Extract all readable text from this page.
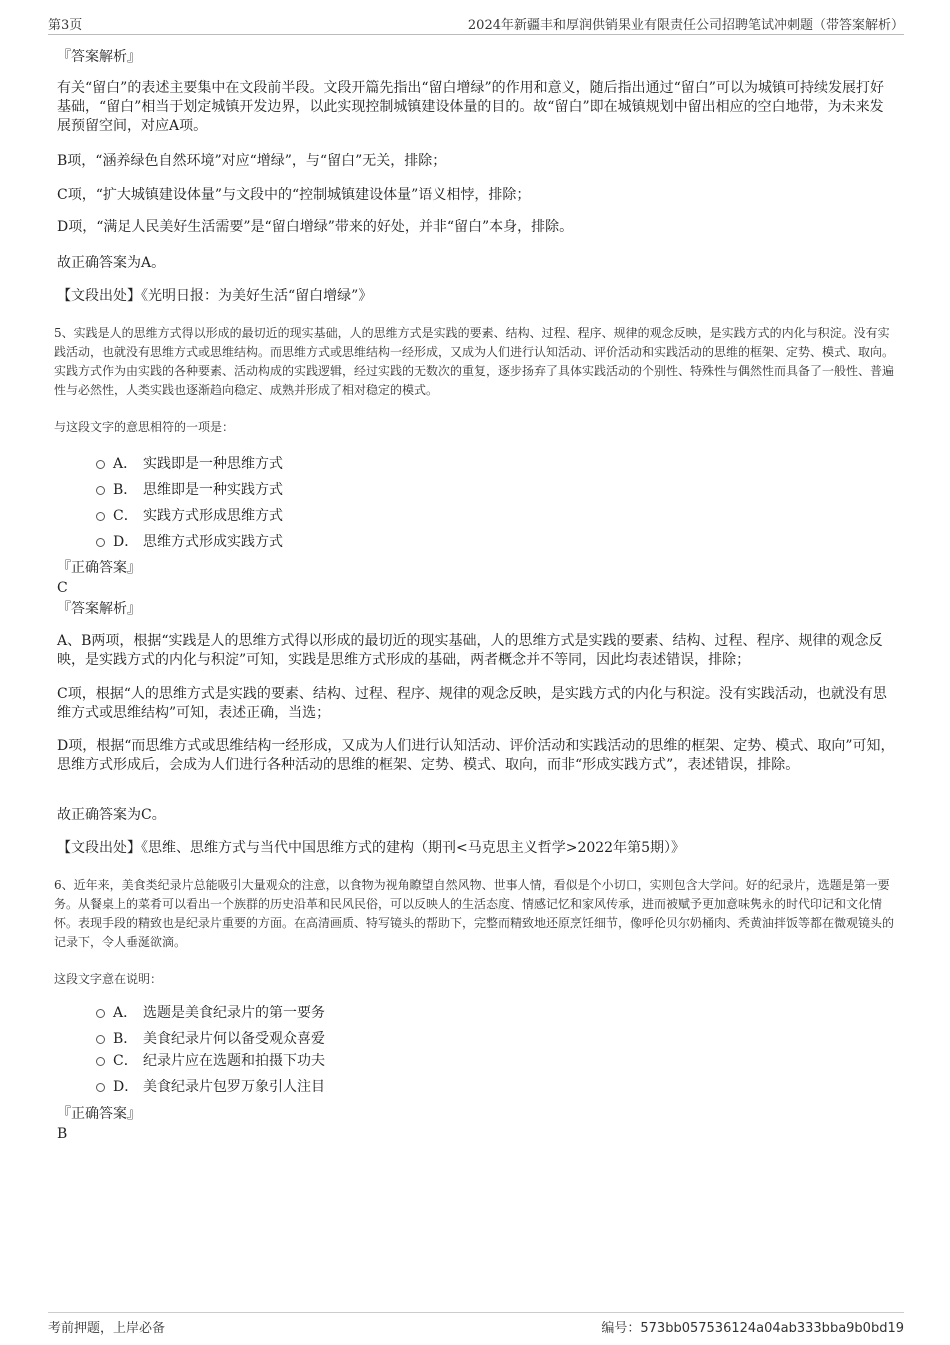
第3页	2024年新疆丰和厚润供销果业有限责任公司招聘笔试冲刺题（带答案解析）
『答案解析』
有关“留白”的表述主要集中在文段前半段。文段开篇先指出“留白增绿”的作用和意义，随后指出通过“留白”可以为城镇可持续发展打好基础，“留白”相当于划定城镇开发边界，以此实现控制城镇建设体量的目的。故“留白”即在城镇规划中留出相应的空白地带，为未来发展预留空间，对应A项。
B项，“涵养绿色自然环境”对应“增绿”，与“留白”无关，排除；
C项，“扩大城镇建设体量”与文段中的“控制城镇建设体量”语义相悖，排除；
D项，“满足人民美好生活需要”是“留白增绿”带来的好处，并非“留白”本身，排除。
故正确答案为A。
【文段出处】《光明日报：为美好生活“留白增绿”》
5、实践是人的思维方式得以形成的最切近的现实基础，人的思维方式是实践的要素、结构、过程、程序、规律的观念反映，是实践方式的内化与积淀。没有实践活动，也就没有思维方式或思维结构。而思维方式或思维结构一经形成，又成为人们进行认知活动、评价活动和实践活动的思维的框架、定势、模式、取向。实践方式作为由实践的各种要素、活动构成的实践逻辑，经过实践的无数次的重复，逐步扬弃了具体实践活动的个别性、特殊性与偶然性而具备了一般性、普遍性与必然性，人类实践也逐渐趋向稳定、成熟并形成了相对稳定的模式。
与这段文字的意思相符的一项是：
A． 实践即是一种思维方式
B． 思维即是一种实践方式
C． 实践方式形成思维方式
D． 思维方式形成实践方式
『正确答案』
C
『答案解析』
A、B两项，根据“实践是人的思维方式得以形成的最切近的现实基础，人的思维方式是实践的要素、结构、过程、程序、规律的观念反映，是实践方式的内化与积淀”可知，实践是思维方式形成的基础，两者概念并不等同，因此均表述错误，排除；
C项，根据“人的思维方式是实践的要素、结构、过程、程序、规律的观念反映，是实践方式的内化与积淀。没有实践活动，也就没有思维方式或思维结构”可知，表述正确，当选；
D项，根据“而思维方式或思维结构一经形成，又成为人们进行认知活动、评价活动和实践活动的思维的框架、定势、模式、取向”可知，思维方式形成后，会成为人们进行各种活动的思维的框架、定势、模式、取向，而非“形成实践方式”，表述错误，排除。
故正确答案为C。
【文段出处】《思维、思维方式与当代中国思维方式的建构（期刊<马克思主义哲学>2022年第5期）》
6、近年来，美食类纪录片总能吸引大量观众的注意，以食物为视角瞭望自然风物、世事人情，看似是个小切口，实则包含大学问。好的纪录片，选题是第一要务。从餐桌上的菜肴可以看出一个族群的历史沿革和民风民俗，可以反映人的生活态度、情感记忆和家风传承，进而被赋予更加意味隽永的时代印记和文化情怀。表现手段的精致也是纪录片重要的方面。在高清画质、特写镜头的帮助下，完整而精致地还原烹饪细节，像呼伦贝尔奶桶肉、秃黄油拌饭等都在微观镜头的记录下，令人垂涎欲滴。
这段文字意在说明：
A． 选题是美食纪录片的第一要务
B． 美食纪录片何以备受观众喜爱
C． 纪录片应在选题和拍摄下功夫
D． 美食纪录片包罗万象引人注目
『正确答案』
B
考前押题，上岸必备	编号：573bb057536124a04ab333bba9b0bd19
